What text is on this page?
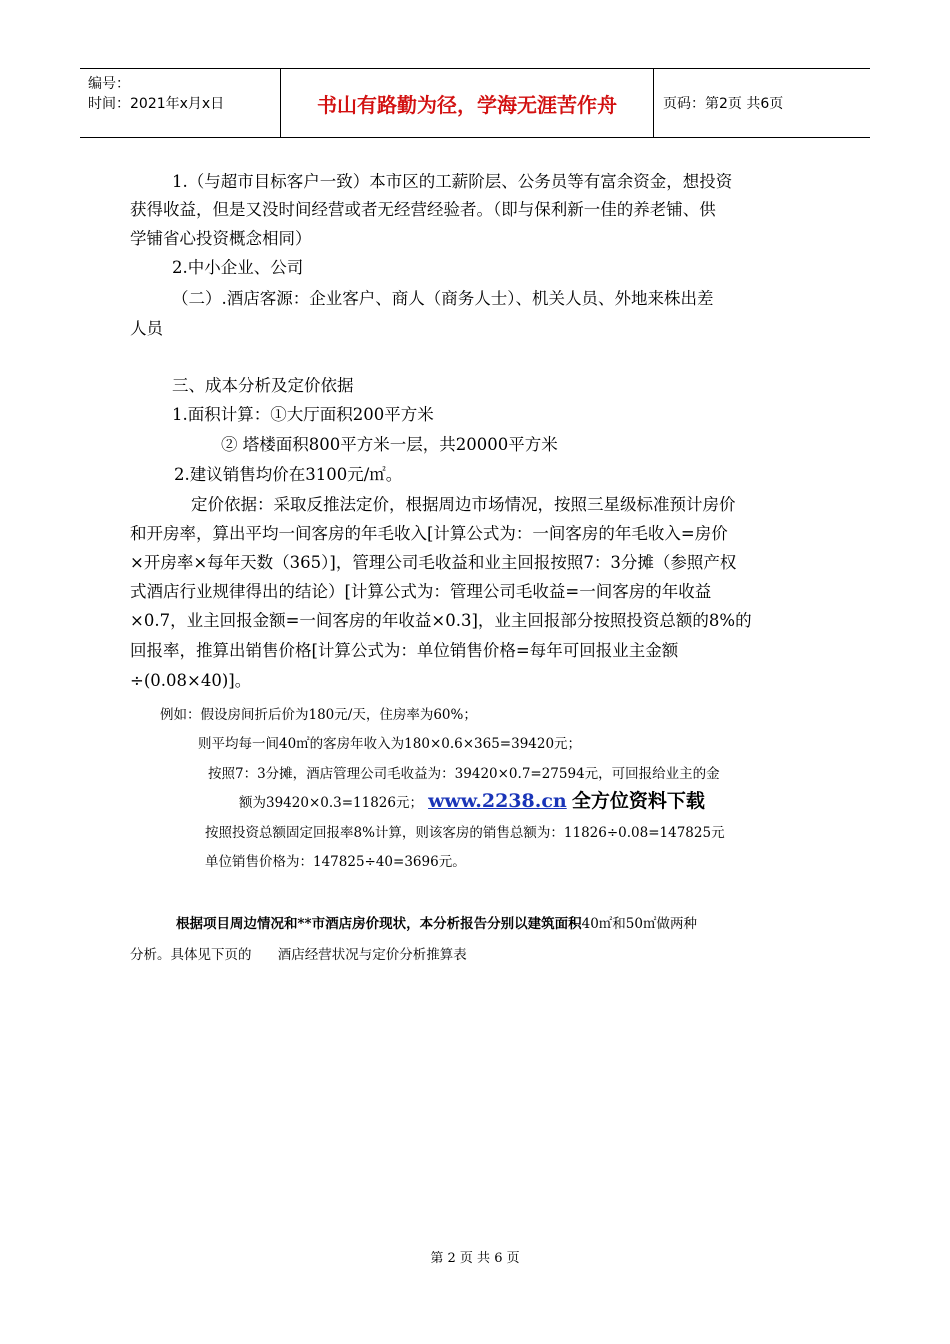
编号：
时间：2021年x月x日	书山有路勤为径，学海无涯苦作舟	页码：第2页 共6页
1.（与超市目标客户一致）本市区的工薪阶层、公务员等有富余资金，想投资
获得收益，但是又没时间经营或者无经营经验者。（即与保利新一佳的养老铺、供
学铺省心投资概念相同）
2.中小企业、公司
（二）.酒店客源：企业客户、商人（商务人士）、机关人员、外地来株出差
人员
三、成本分析及定价依据
1.面积计算：①大厅面积200平方米
② 塔楼面积800平方米一层，共20000平方米
2.建议销售均价在3100元/㎡。
定价依据：采取反推法定价，根据周边市场情况，按照三星级标准预计房价
和开房率，算出平均一间客房的年毛收入[计算公式为：一间客房的年毛收入=房价
×开房率×每年天数（365）]，管理公司毛收益和业主回报按照7：3分摊（参照产权
式酒店行业规律得出的结论）[计算公式为：管理公司毛收益=一间客房的年收益
×0.7，业主回报金额=一间客房的年收益×0.3]，业主回报部分按照投资总额的8%的
回报率，推算出销售价格[计算公式为：单位销售价格=每年可回报业主金额
÷(0.08×40)]。
例如：假设房间折后价为180元/天，住房率为60%；
则平均每一间40㎡的客房年收入为180×0.6×365=39420元；
按照7：3分摊，酒店管理公司毛收益为：39420×0.7=27594元，可回报给业主的金
额为39420×0.3=11826元； www.2238.cn 全方位资料下载
按照投资总额固定回报率8%计算，则该客房的销售总额为：11826÷0.08=147825元
单位销售价格为：147825÷40=3696元。
根据项目周边情况和**市酒店房价现状，本分析报告分别以建筑面积40㎡和50㎡做两种
分析。具体见下页的 酒店经营状况与定价分析推算表
第 2 页 共 6 页
